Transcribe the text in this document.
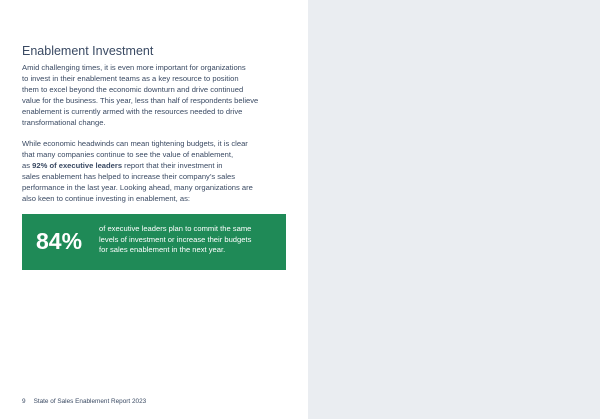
Enablement Investment

Amid challenging times, it is even more important for organizations
to invest in their enablement teams as a key resource to position
them to excel beyond the economic downturn and drive continued
value for the business. This year, less than half of respondents believe
enablement is currently armed with the resources needed to drive
transformational change.

While economic headwinds can mean tightening budgets, it is clear
that many companies continue to see the value of enablement,
as 92% of executive leaders report that their investment in
sales enablement has helped to increase their company’s sales
performance in the last year. Looking ahead, many organizations are
also keen to continue investing in enablement, as:

84% of executive leaders plan to commit the same
levels of investment or increase their budgets
for sales enablement in the next year.

9 State of Sales Enablement Report 2023
